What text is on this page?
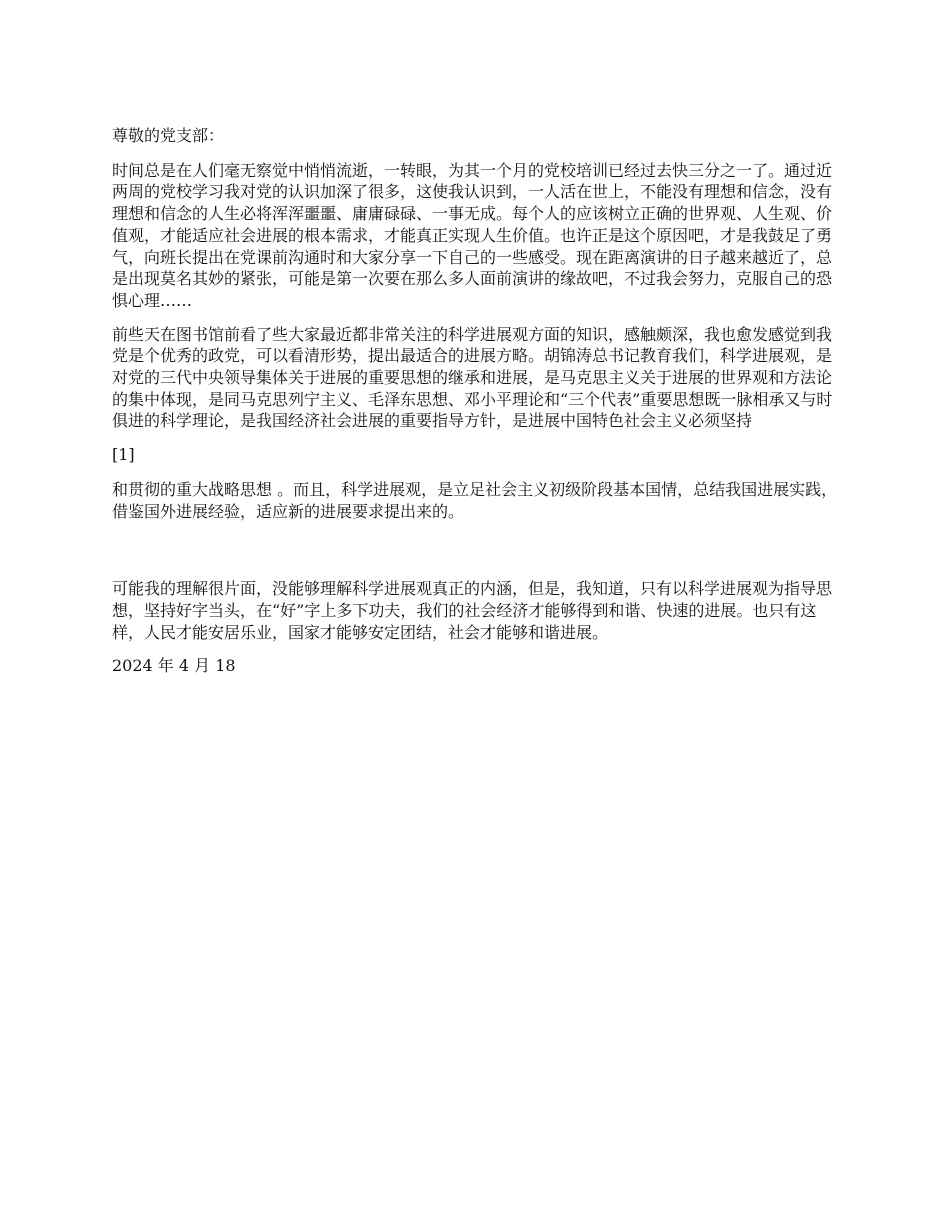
尊敬的党支部：

时间总是在人们毫无察觉中悄悄流逝，一转眼，为其一个月的党校培训已经过去快三分之一了。通过近两周的党校学习我对党的认识加深了很多，这使我认识到，一人活在世上，不能没有理想和信念，没有理想和信念的人生必将浑浑噩噩、庸庸碌碌、一事无成。每个人的应该树立正确的世界观、人生观、价值观，才能适应社会进展的根本需求，才能真正实现人生价值。也许正是这个原因吧，才是我鼓足了勇气，向班长提出在党课前沟通时和大家分享一下自己的一些感受。现在距离演讲的日子越来越近了，总是出现莫名其妙的紧张，可能是第一次要在那么多人面前演讲的缘故吧，不过我会努力，克服自己的恐惧心理……

前些天在图书馆前看了些大家最近都非常关注的科学进展观方面的知识，感触颇深，我也愈发感觉到我党是个优秀的政党，可以看清形势，提出最适合的进展方略。胡锦涛总书记教育我们，科学进展观，是对党的三代中央领导集体关于进展的重要思想的继承和进展，是马克思主义关于进展的世界观和方法论的集中体现，是同马克思列宁主义、毛泽东思想、邓小平理论和“三个代表”重要思想既一脉相承又与时俱进的科学理论，是我国经济社会进展的重要指导方针，是进展中国特色社会主义必须坚持

[1]

和贯彻的重大战略思想 。而且，科学进展观，是立足社会主义初级阶段基本国情，总结我国进展实践，借鉴国外进展经验，适应新的进展要求提出来的。

可能我的理解很片面，没能够理解科学进展观真正的内涵，但是，我知道，只有以科学进展观为指导思想，坚持好字当头，在“好”字上多下功夫，我们的社会经济才能够得到和谐、快速的进展。也只有这样，人民才能安居乐业，国家才能够安定团结，社会才能够和谐进展。

2024 年 4 月 18
